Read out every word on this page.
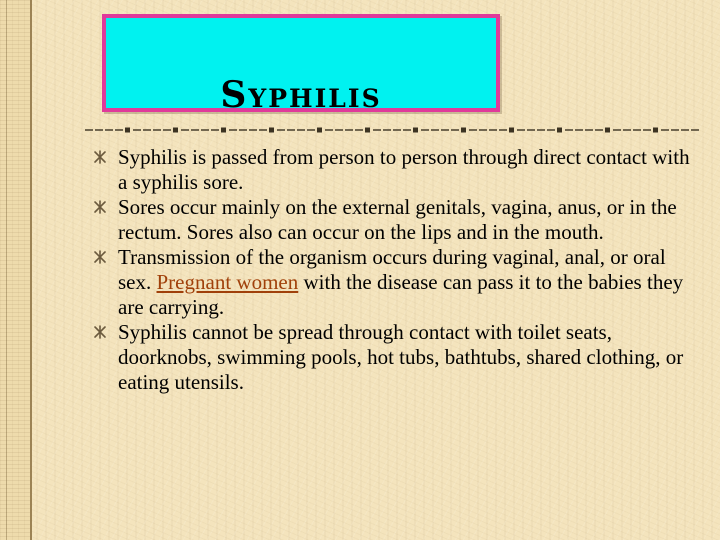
Syphilis
Syphilis is passed from person to person through direct contact with a syphilis sore.
Sores occur mainly on the external genitals, vagina, anus, or in the rectum. Sores also can occur on the lips and in the mouth.
Transmission of the organism occurs during vaginal, anal, or oral sex. Pregnant women with the disease can pass it to the babies they are carrying.
Syphilis cannot be spread through contact with toilet seats, doorknobs, swimming pools, hot tubs, bathtubs, shared clothing, or eating utensils.
